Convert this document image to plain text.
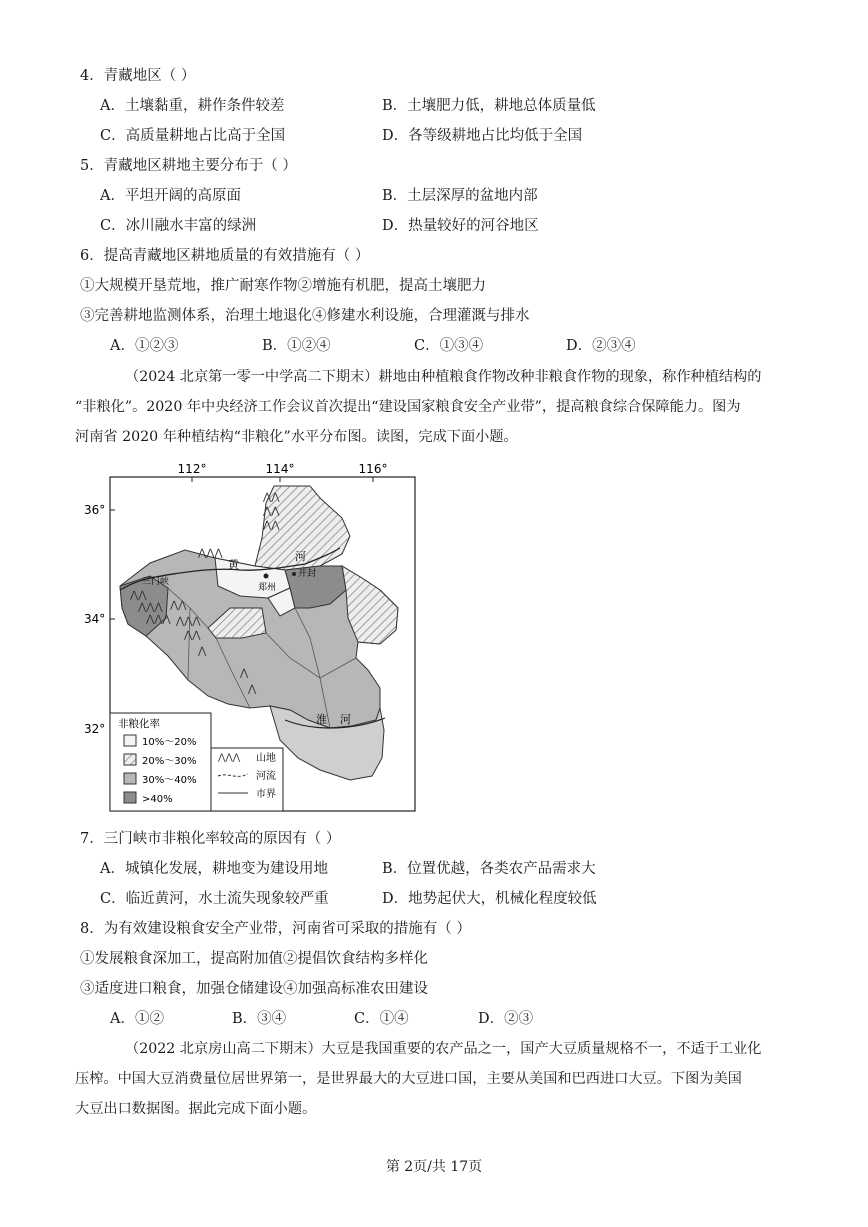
4．青藏地区（ ）
A．土壤黏重，耕作条件较差	B．土壤肥力低，耕地总体质量低
C．高质量耕地占比高于全国	D．各等级耕地占比均低于全国
5．青藏地区耕地主要分布于（ ）
A．平坦开阔的高原面	B．土层深厚的盆地内部
C．冰川融水丰富的绿洲	D．热量较好的河谷地区
6．提高青藏地区耕地质量的有效措施有（ ）
①大规模开垦荒地，推广耐寒作物②增施有机肥，提高土壤肥力
③完善耕地监测体系，治理土地退化④修建水利设施，合理灌溉与排水
A．①②③	B．①②④	C．①③④	D．②③④
（2024 北京第一零一中学高二下期末）耕地由种植粮食作物改种非粮食作物的现象，称作种植结构的
“非粮化”。2020 年中央经济工作会议首次提出“建设国家粮食安全产业带”，提高粮食综合保障能力。图为
河南省 2020 年种植结构“非粮化”水平分布图。读图，完成下面小题。
112°	114°	116°
36°
34°
32°
⋀⋀
⋀⋀
⋀⋀
⋀⋀⋀
⋀⋀
⋀⋀⋀
⋀⋀⋀
⋀⋀
⋀⋀⋀
⋀⋀
⋀
⋀
⋀
黄
河
三门峡
郑州
开封
淮 河
非粮化率
10%～20%
20%～30%
30%～40%
>40%
⋀⋀⋀ 山地
河流
市界
7．三门峡市非粮化率较高的原因有（ ）
A．城镇化发展，耕地变为建设用地	B．位置优越，各类农产品需求大
C．临近黄河，水土流失现象较严重	D．地势起伏大，机械化程度较低
8．为有效建设粮食安全产业带，河南省可采取的措施有（ ）
①发展粮食深加工，提高附加值②提倡饮食结构多样化
③适度进口粮食，加强仓储建设④加强高标准农田建设
A．①②	B．③④	C．①④	D．②③
（2022 北京房山高二下期末）大豆是我国重要的农产品之一，国产大豆质量规格不一，不适于工业化
压榨。中国大豆消费量位居世界第一，是世界最大的大豆进口国，主要从美国和巴西进口大豆。下图为美国
大豆出口数据图。据此完成下面小题。
第 2页/共 17页
